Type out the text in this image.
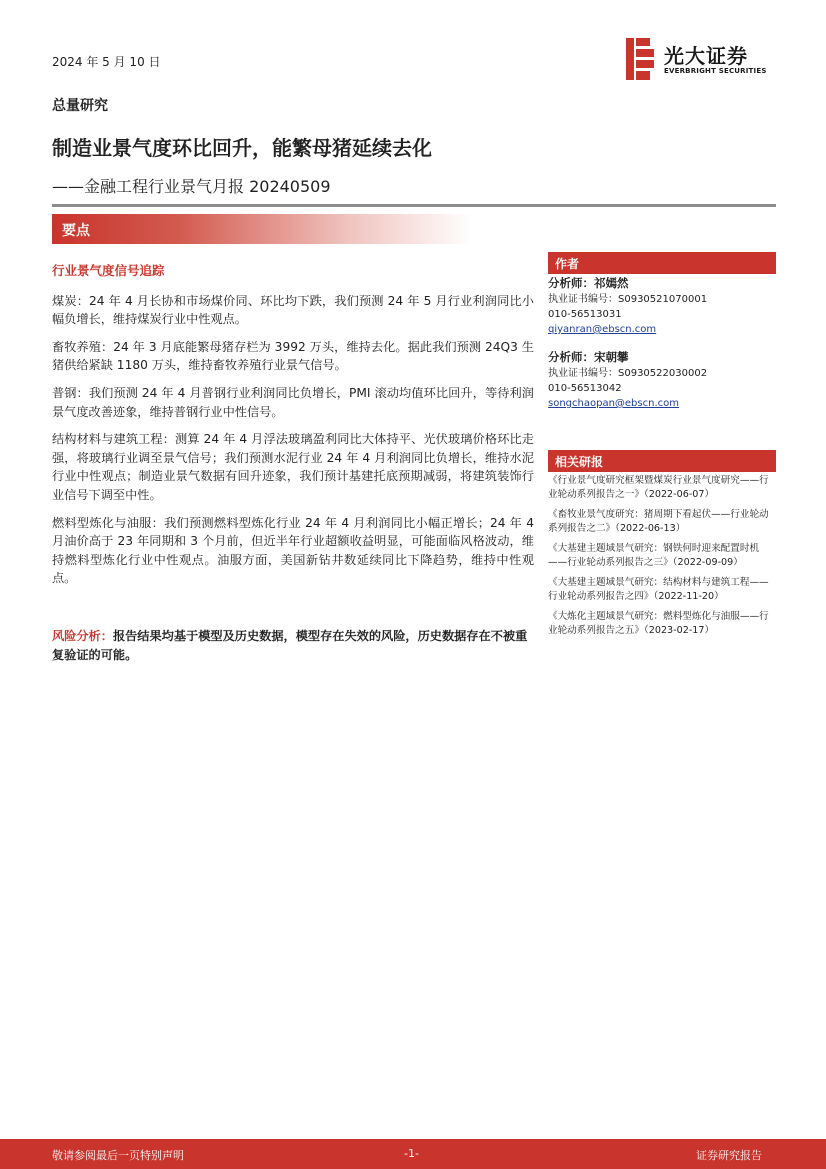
2024 年 5 月 10 日	光大证券
EVERBRIGHT SECURITIES
总量研究
制造业景气度环比回升，能繁母猪延续去化
——金融工程行业景气月报 20240509
要点
行业景气度信号追踪

煤炭：24 年 4 月长协和市场煤价同、环比均下跌，我们预测 24 年 5 月行业利润同比小幅负增长，维持煤炭行业中性观点。

畜牧养殖：24 年 3 月底能繁母猪存栏为 3992 万头，维持去化。据此我们预测 24Q3 生猪供给紧缺 1180 万头，维持畜牧养殖行业景气信号。

普钢：我们预测 24 年 4 月普钢行业利润同比负增长，PMI 滚动均值环比回升，等待利润景气度改善迹象，维持普钢行业中性信号。

结构材料与建筑工程：测算 24 年 4 月浮法玻璃盈利同比大体持平、光伏玻璃价格环比走强，将玻璃行业调至景气信号；我们预测水泥行业 24 年 4 月利润同比负增长，维持水泥行业中性观点；制造业景气数据有回升迹象，我们预计基建托底预期减弱，将建筑装饰行业信号下调至中性。

燃料型炼化与油服：我们预测燃料型炼化行业 24 年 4 月利润同比小幅正增长；24 年 4 月油价高于 23 年同期和 3 个月前，但近半年行业超额收益明显，可能面临风格波动，维持燃料型炼化行业中性观点。油服方面，美国新钻井数延续同比下降趋势，维持中性观点。

风险分析：报告结果均基于模型及历史数据，模型存在失效的风险，历史数据存在不被重复验证的可能。
作者
分析师：祁嫣然
执业证书编号：S0930521070001
010-56513031
qiyanran@ebscn.com
分析师：宋朝攀
执业证书编号：S0930522030002
010-56513042
songchaopan@ebscn.com
相关研报
《行业景气度研究框架暨煤炭行业景气度研究——行业轮动系列报告之一》（2022-06-07）
《畜牧业景气度研究：猪周期下看起伏——行业轮动系列报告之二》（2022-06-13）
《大基建主题域景气研究：钢铁何时迎来配置时机——行业轮动系列报告之三》（2022-09-09）
《大基建主题域景气研究：结构材料与建筑工程——行业轮动系列报告之四》（2022-11-20）
《大炼化主题域景气研究：燃料型炼化与油服——行业轮动系列报告之五》（2023-02-17）
敬请参阅最后一页特别声明	-1-	证券研究报告
